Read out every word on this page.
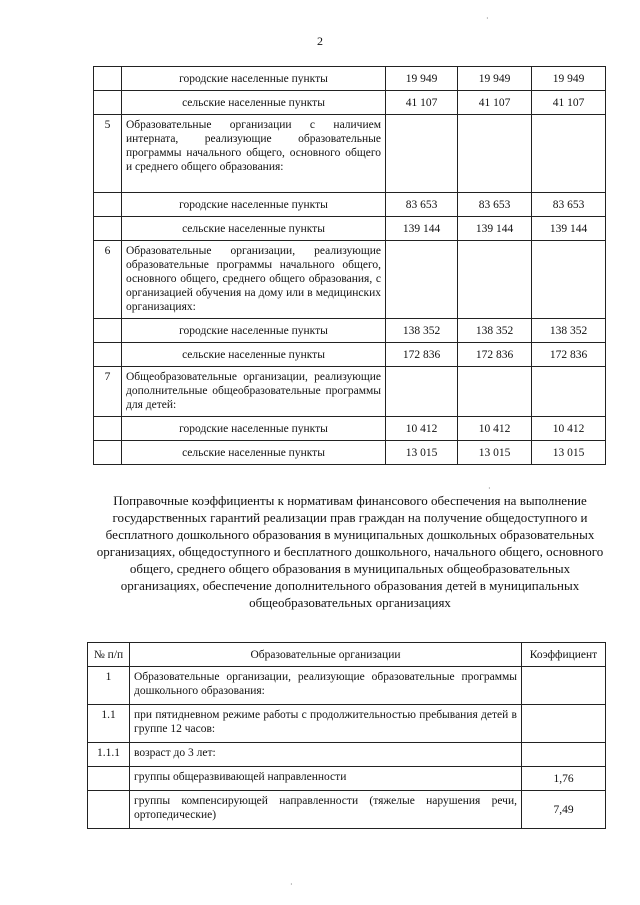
2
	городские населенные пункты	19 949	19 949	19 949
	сельские населенные пункты	41 107	41 107	41 107
5	Образовательные организации с наличием интерната, реализующие образовательные программы начального общего, основного общего и среднего общего образования:			
	городские населенные пункты	83 653	83 653	83 653
	сельские населенные пункты	139 144	139 144	139 144
6	Образовательные организации, реализующие образовательные программы начального общего, основного общего, среднего общего образования, с организацией обучения на дому или в медицинских организациях:			
	городские населенные пункты	138 352	138 352	138 352
	сельские населенные пункты	172 836	172 836	172 836
7	Общеобразовательные организации, реализующие дополнительные общеобразовательные программы для детей:			
	городские населенные пункты	10 412	10 412	10 412
	сельские населенные пункты	13 015	13 015	13 015
Поправочные коэффициенты к нормативам финансового обеспечения на выполнение государственных гарантий реализации прав граждан на получение общедоступного и бесплатного дошкольного образования в муниципальных дошкольных образовательных организациях, общедоступного и бесплатного дошкольного, начального общего, основного общего, среднего общего образования в муниципальных общеобразовательных организациях, обеспечение дополнительного образования детей в муниципальных общеобразовательных организациях
№ п/п	Образовательные организации	Коэффициент
1	Образовательные организации, реализующие образовательные программы дошкольного образования:	
1.1	при пятидневном режиме работы с продолжительностью пребывания детей в группе 12 часов:	
1.1.1	возраст до 3 лет:	
	группы общеразвивающей направленности	1,76
	группы компенсирующей направленности (тяжелые нарушения речи, ортопедические)	7,49
·
·
·
